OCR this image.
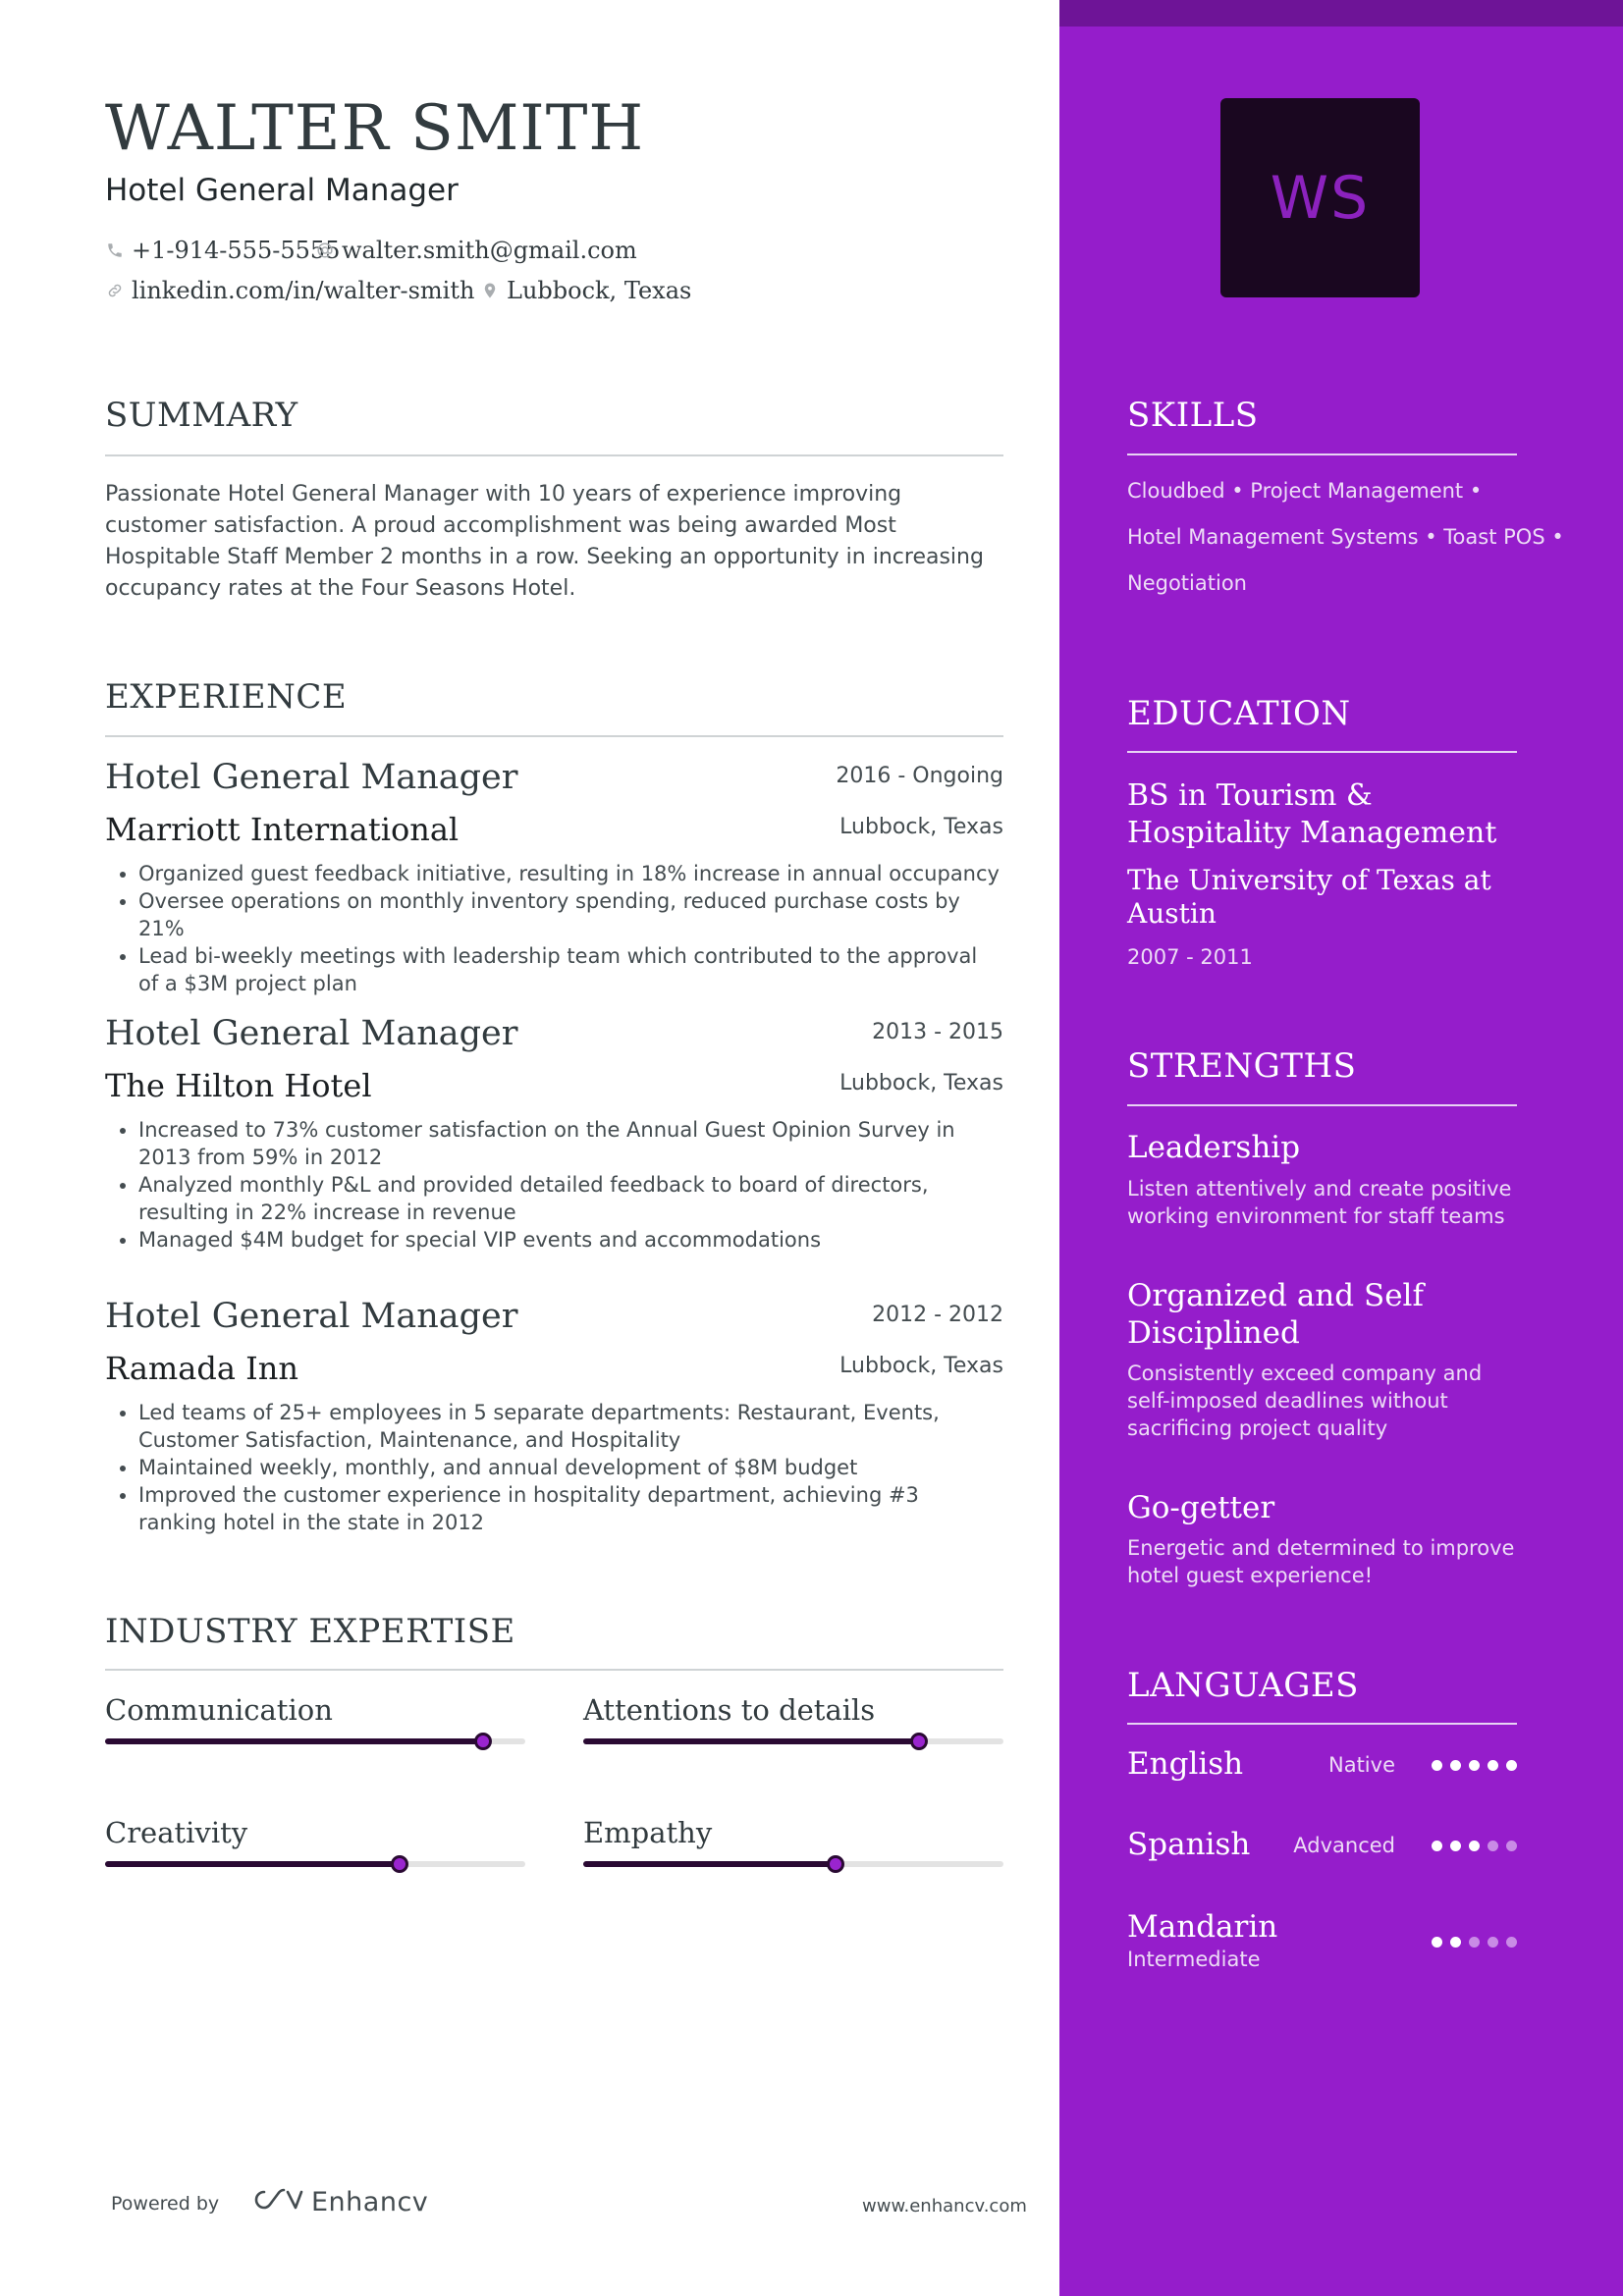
WALTER SMITH
Hotel General Manager
+1-914-555-5555 walter.smith@gmail.com
linkedin.com/in/walter-smith Lubbock, Texas
SUMMARY
Passionate Hotel General Manager with 10 years of experience improving customer satisfaction. A proud accomplishment was being awarded Most Hospitable Staff Member 2 months in a row. Seeking an opportunity in increasing occupancy rates at the Four Seasons Hotel.
EXPERIENCE
Hotel General Manager	2016 - Ongoing
Marriott International	Lubbock, Texas
• Organized guest feedback initiative, resulting in 18% increase in annual occupancy
• Oversee operations on monthly inventory spending, reduced purchase costs by 21%
• Lead bi-weekly meetings with leadership team which contributed to the approval of a $3M project plan
Hotel General Manager	2013 - 2015
The Hilton Hotel	Lubbock, Texas
• Increased to 73% customer satisfaction on the Annual Guest Opinion Survey in 2013 from 59% in 2012
• Analyzed monthly P&L and provided detailed feedback to board of directors, resulting in 22% increase in revenue
• Managed $4M budget for special VIP events and accommodations
Hotel General Manager	2012 - 2012
Ramada Inn	Lubbock, Texas
• Led teams of 25+ employees in 5 separate departments: Restaurant, Events, Customer Satisfaction, Maintenance, and Hospitality
• Maintained weekly, monthly, and annual development of $8M budget
• Improved the customer experience in hospitality department, achieving #3 ranking hotel in the state in 2012
INDUSTRY EXPERTISE
Communication	Attentions to details
Creativity	Empathy
Powered by	Enhancv	www.enhancv.com
WS
SKILLS
Cloudbed • Project Management •
Hotel Management Systems • Toast POS •
Negotiation
EDUCATION
BS in Tourism & Hospitality Management
The University of Texas at Austin
2007 - 2011
STRENGTHS
Leadership
Listen attentively and create positive working environment for staff teams
Organized and Self Disciplined
Consistently exceed company and self-imposed deadlines without sacrificing project quality
Go-getter
Energetic and determined to improve hotel guest experience!
LANGUAGES
English	Native
Spanish Advanced
Mandarin
Intermediate
